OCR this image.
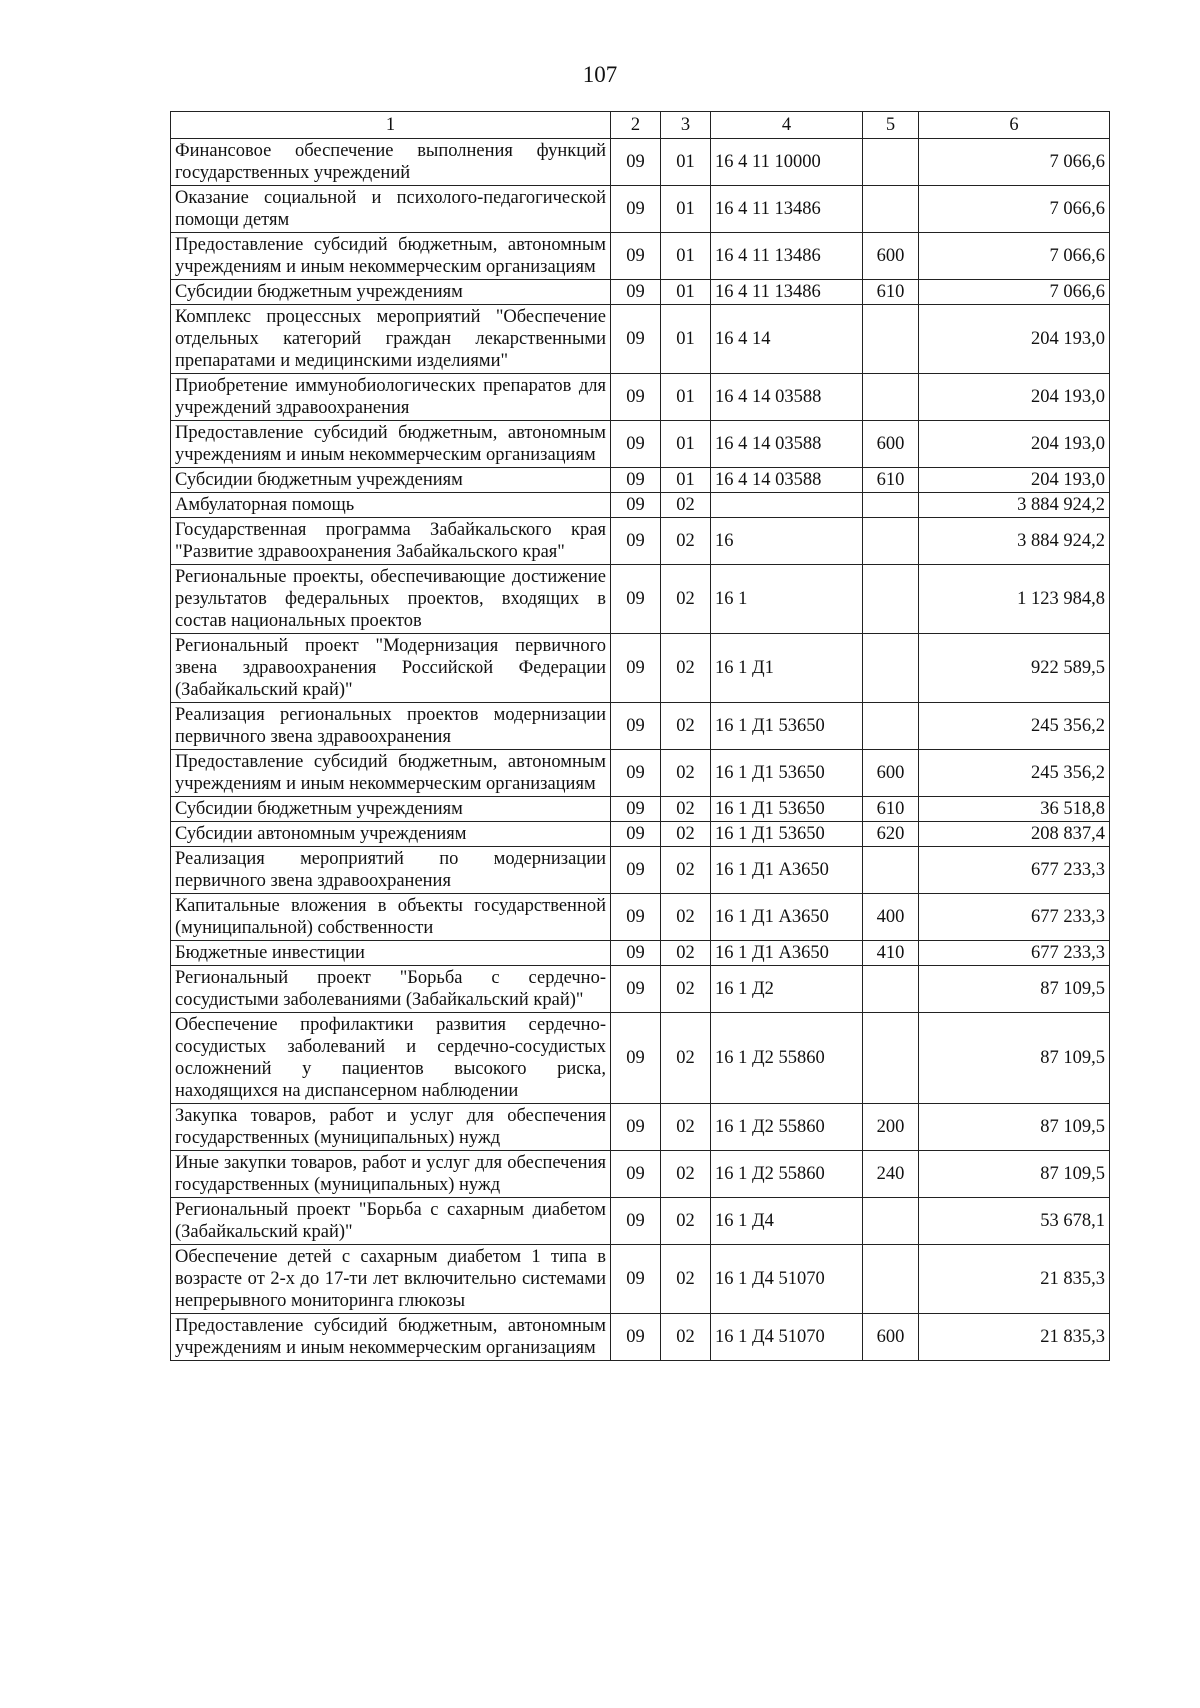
107
1	2	3	4	5	6
Финансовое обеспечение выполнения функций государственных учреждений	09	01	16 4 11 10000		7 066,6
Оказание социальной и психолого-педагогической помощи детям	09	01	16 4 11 13486		7 066,6
Предоставление субсидий бюджетным, автономным учреждениям и иным некоммерческим организациям	09	01	16 4 11 13486	600	7 066,6
Субсидии бюджетным учреждениям	09	01	16 4 11 13486	610	7 066,6
Комплекс процессных мероприятий "Обеспечение отдельных категорий граждан лекарственными препаратами и медицинскими изделиями"	09	01	16 4 14		204 193,0
Приобретение иммунобиологических препаратов для учреждений здравоохранения	09	01	16 4 14 03588		204 193,0
Предоставление субсидий бюджетным, автономным учреждениям и иным некоммерческим организациям	09	01	16 4 14 03588	600	204 193,0
Субсидии бюджетным учреждениям	09	01	16 4 14 03588	610	204 193,0
Амбулаторная помощь	09	02			3 884 924,2
Государственная программа Забайкальского края "Развитие здравоохранения Забайкальского края"	09	02	16		3 884 924,2
Региональные проекты, обеспечивающие достижение результатов федеральных проектов, входящих в состав национальных проектов	09	02	16 1		1 123 984,8
Региональный проект "Модернизация первичного звена здравоохранения Российской Федерации (Забайкальский край)"	09	02	16 1 Д1		922 589,5
Реализация региональных проектов модернизации первичного звена здравоохранения	09	02	16 1 Д1 53650		245 356,2
Предоставление субсидий бюджетным, автономным учреждениям и иным некоммерческим организациям	09	02	16 1 Д1 53650	600	245 356,2
Субсидии бюджетным учреждениям	09	02	16 1 Д1 53650	610	36 518,8
Субсидии автономным учреждениям	09	02	16 1 Д1 53650	620	208 837,4
Реализация мероприятий по модернизации первичного звена здравоохранения	09	02	16 1 Д1 А3650		677 233,3
Капитальные вложения в объекты государственной (муниципальной) собственности	09	02	16 1 Д1 А3650	400	677 233,3
Бюджетные инвестиции	09	02	16 1 Д1 А3650	410	677 233,3
Региональный проект "Борьба с сердечно-сосудистыми заболеваниями (Забайкальский край)"	09	02	16 1 Д2		87 109,5
Обеспечение профилактики развития сердечно-сосудистых заболеваний и сердечно-сосудистых осложнений у пациентов высокого риска, находящихся на диспансерном наблюдении	09	02	16 1 Д2 55860		87 109,5
Закупка товаров, работ и услуг для обеспечения государственных (муниципальных) нужд	09	02	16 1 Д2 55860	200	87 109,5
Иные закупки товаров, работ и услуг для обеспечения государственных (муниципальных) нужд	09	02	16 1 Д2 55860	240	87 109,5
Региональный проект "Борьба с сахарным диабетом (Забайкальский край)"	09	02	16 1 Д4		53 678,1
Обеспечение детей с сахарным диабетом 1 типа в возрасте от 2-х до 17-ти лет включительно системами непрерывного мониторинга глюкозы	09	02	16 1 Д4 51070		21 835,3
Предоставление субсидий бюджетным, автономным учреждениям и иным некоммерческим организациям	09	02	16 1 Д4 51070	600	21 835,3
